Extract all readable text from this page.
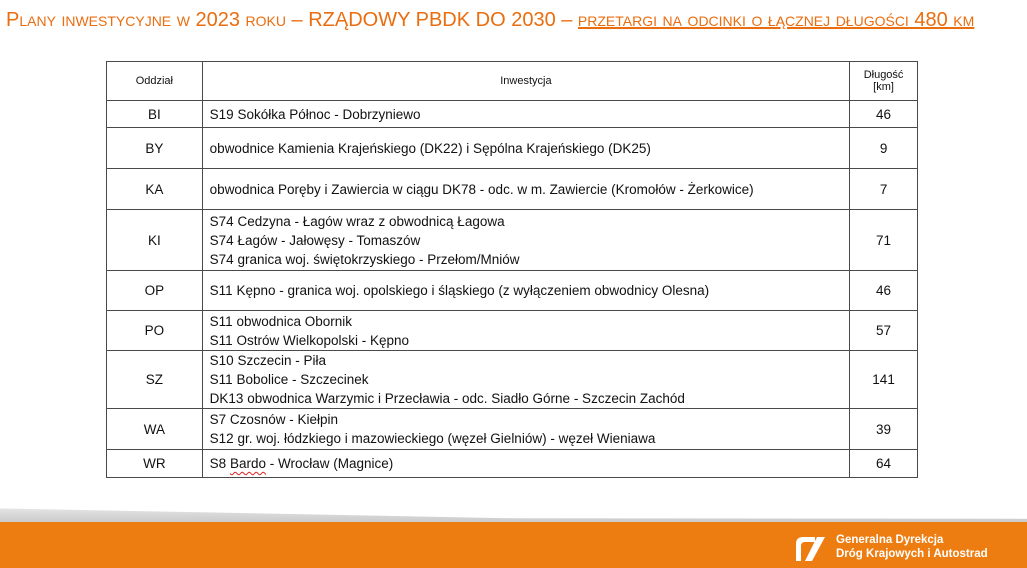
Plany inwestycyjne w 2023 roku – RZĄDOWY PBDK DO 2030 – przetargi na odcinki o łącznej długości 480 km
Oddział	Inwestycja	Długość
[km]

BI	S19 Sokółka Północ - Dobrzyniewo	46
BY	obwodnice Kamienia Krajeńskiego (DK22) i Sępólna Krajeńskiego (DK25)	9
KA	obwodnica Poręby i Zawiercia w ciągu DK78 - odc. w m. Zawiercie (Kromołów - Żerkowice)	7
KI	S74 Cedzyna - Łagów wraz z obwodnicą Łagowa
S74 Łagów - Jałowęsy - Tomaszów
S74 granica woj. świętokrzyskiego - Przełom/Mniów	71
OP	S11 Kępno - granica woj. opolskiego i śląskiego (z wyłączeniem obwodnicy Olesna)	46
PO	S11 obwodnica Obornik
S11 Ostrów Wielkopolski - Kępno	57
SZ	S10 Szczecin - Piła
S11 Bobolice - Szczecinek
DK13 obwodnica Warzymic i Przecławia - odc. Siadło Górne - Szczecin Zachód	141
WA	S7 Czosnów - Kiełpin
S12 gr. woj. łódzkiego i mazowieckiego (węzeł Gielniów) - węzeł Wieniawa	39
WR	S8 Bardo - Wrocław (Magnice)	64
Generalna Dyrekcja
Dróg Krajowych i Autostrad
